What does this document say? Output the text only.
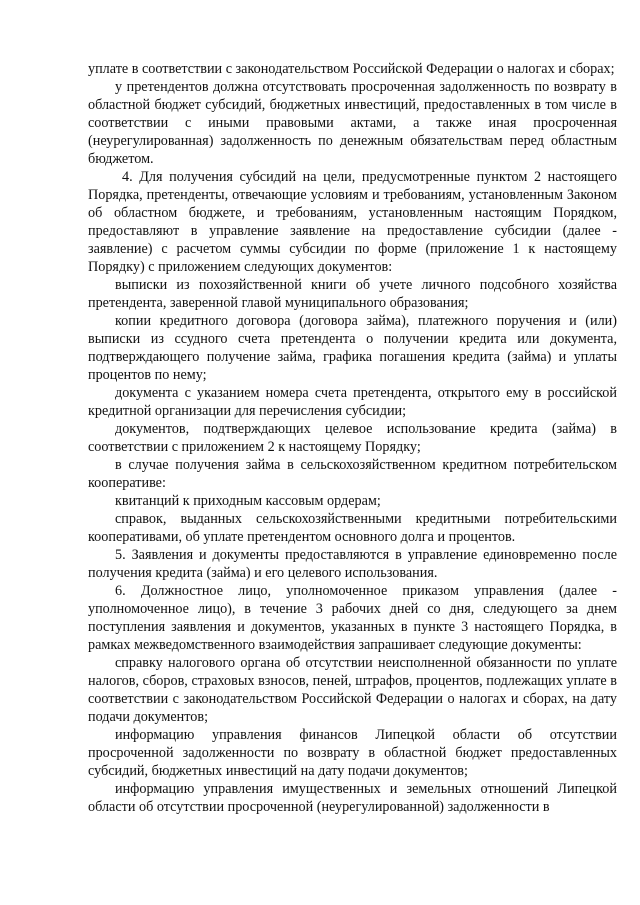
уплате в соответствии с законодательством Российской Федерации о налогах и сборах;

у претендентов должна отсутствовать просроченная задолженность по возврату в областной бюджет субсидий, бюджетных инвестиций, предоставленных в том числе в соответствии с иными правовыми актами, а также иная просроченная (неурегулированная) задолженность по денежным обязательствам перед областным бюджетом.

4. Для получения субсидий на цели, предусмотренные пунктом 2 настоящего Порядка, претенденты, отвечающие условиям и требованиям, установленным Законом об областном бюджете, и требованиям, установленным настоящим Порядком, предоставляют в управление заявление на предоставление субсидии (далее - заявление) с расчетом суммы субсидии по форме (приложение 1 к настоящему Порядку) с приложением следующих документов:

выписки из похозяйственной книги об учете личного подсобного хозяйства претендента, заверенной главой муниципального образования;

копии кредитного договора (договора займа), платежного поручения и (или) выписки из ссудного счета претендента о получении кредита или документа, подтверждающего получение займа, графика погашения кредита (займа) и уплаты процентов по нему;

документа с указанием номера счета претендента, открытого ему в российской кредитной организации для перечисления субсидии;

документов, подтверждающих целевое использование кредита (займа) в соответствии с приложением 2 к настоящему Порядку;

в случае получения займа в сельскохозяйственном кредитном потребительском кооперативе:

квитанций к приходным кассовым ордерам;

справок, выданных сельскохозяйственными кредитными потребительскими кооперативами, об уплате претендентом основного долга и процентов.

5. Заявления и документы предоставляются в управление единовременно после получения кредита (займа) и его целевого использования.

6. Должностное лицо, уполномоченное приказом управления (далее - уполномоченное лицо), в течение 3 рабочих дней со дня, следующего за днем поступления заявления и документов, указанных в пункте 3 настоящего Порядка, в рамках межведомственного взаимодействия запрашивает следующие документы:

справку налогового органа об отсутствии неисполненной обязанности по уплате налогов, сборов, страховых взносов, пеней, штрафов, процентов, подлежащих уплате в соответствии с законодательством Российской Федерации о налогах и сборах, на дату подачи документов;

информацию управления финансов Липецкой области об отсутствии просроченной задолженности по возврату в областной бюджет предоставленных субсидий, бюджетных инвестиций на дату подачи документов;

информацию управления имущественных и земельных отношений Липецкой области об отсутствии просроченной (неурегулированной) задолженности в
